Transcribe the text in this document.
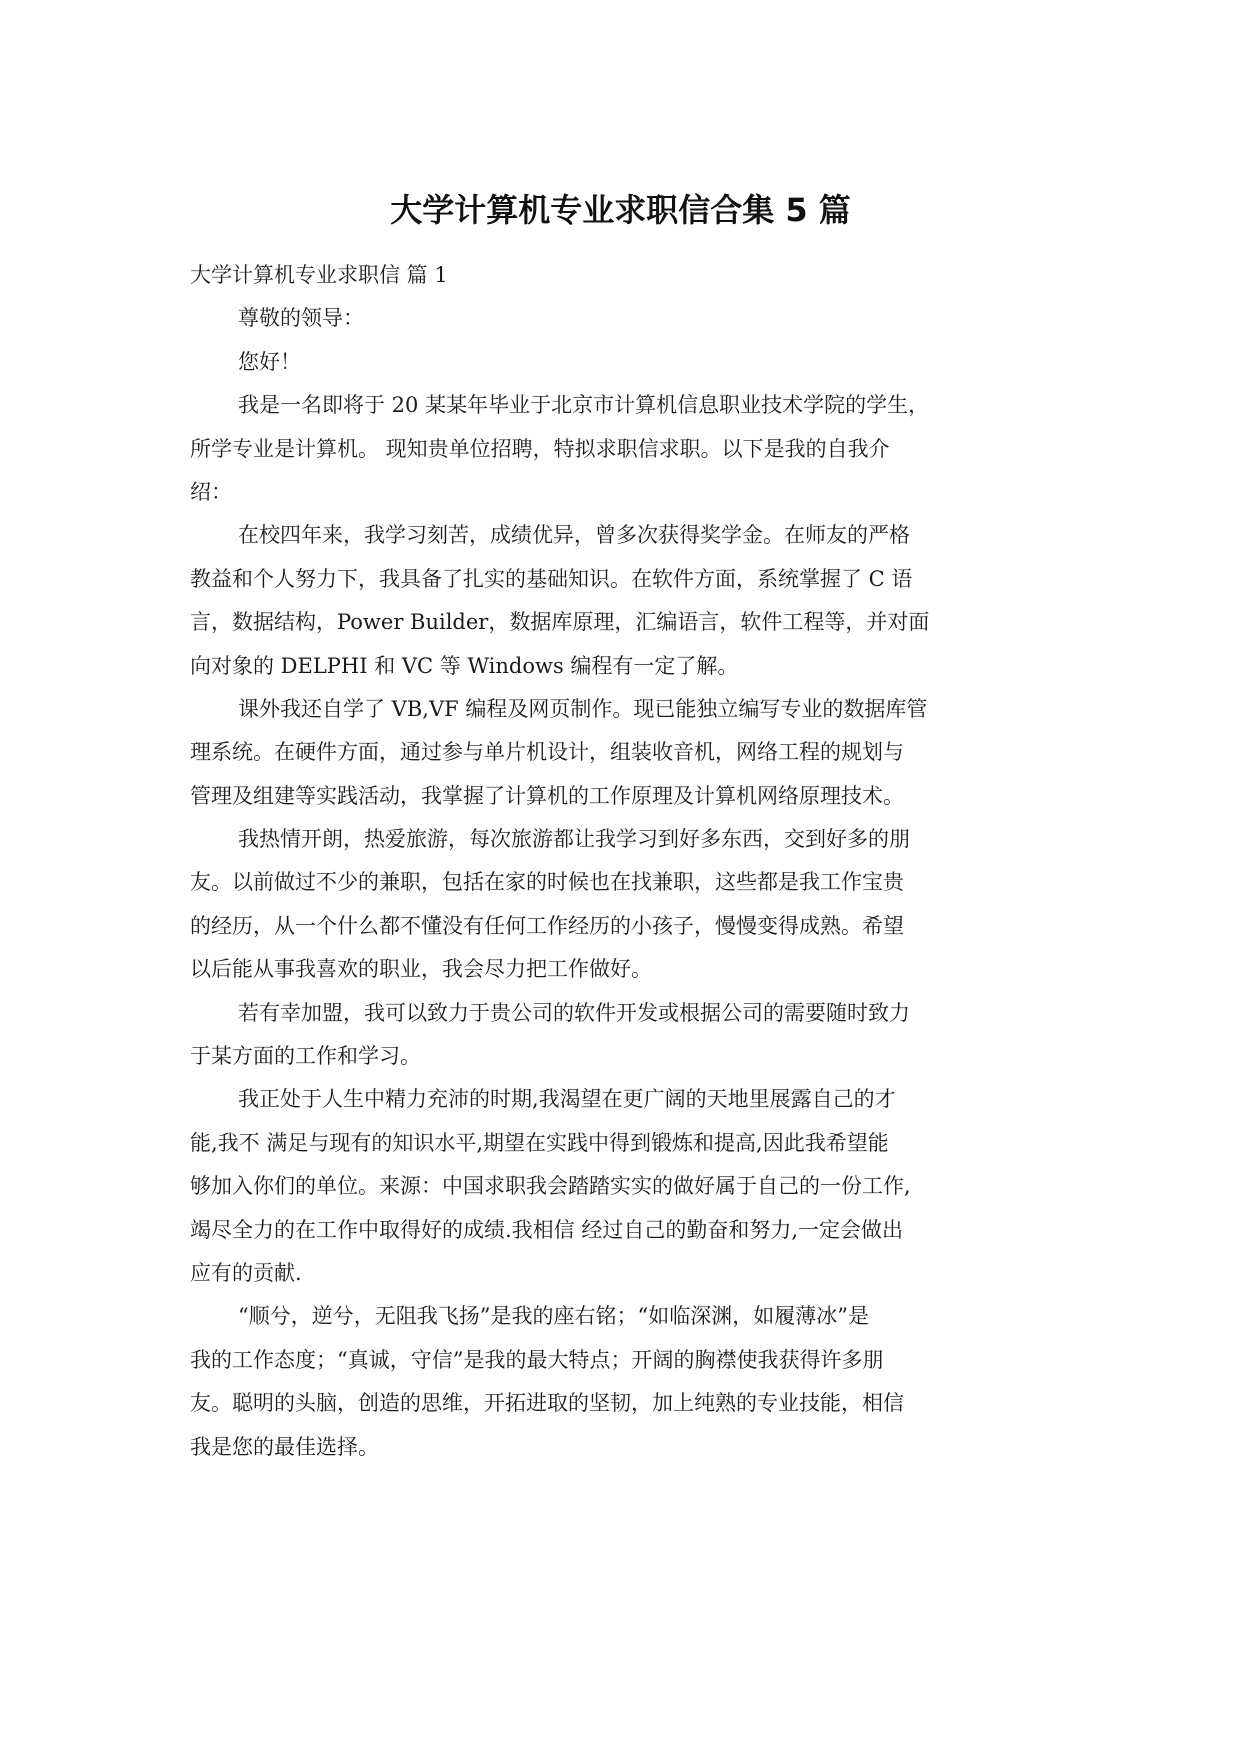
大学计算机专业求职信合集 5 篇
大学计算机专业求职信 篇 1
尊敬的领导：
您好！
我是一名即将于 20 某某年毕业于北京市计算机信息职业技术学院的学生，
所学专业是计算机。 现知贵单位招聘，特拟求职信求职。以下是我的自我介
绍：
在校四年来，我学习刻苦，成绩优异，曾多次获得奖学金。在师友的严格
教益和个人努力下，我具备了扎实的基础知识。在软件方面，系统掌握了 C 语
言，数据结构，Power Builder，数据库原理，汇编语言，软件工程等，并对面
向对象的 DELPHI 和 VC 等 Windows 编程有一定了解。
课外我还自学了 VB,VF 编程及网页制作。现已能独立编写专业的数据库管
理系统。在硬件方面，通过参与单片机设计，组装收音机，网络工程的规划与
管理及组建等实践活动，我掌握了计算机的工作原理及计算机网络原理技术。
我热情开朗，热爱旅游，每次旅游都让我学习到好多东西，交到好多的朋
友。以前做过不少的兼职，包括在家的时候也在找兼职，这些都是我工作宝贵
的经历，从一个什么都不懂没有任何工作经历的小孩子，慢慢变得成熟。希望
以后能从事我喜欢的职业，我会尽力把工作做好。
若有幸加盟，我可以致力于贵公司的软件开发或根据公司的需要随时致力
于某方面的工作和学习。
我正处于人生中精力充沛的时期,我渴望在更广阔的天地里展露自己的才
能,我不 满足与现有的知识水平,期望在实践中得到锻炼和提高,因此我希望能
够加入你们的单位。来源：中国求职我会踏踏实实的做好属于自己的一份工作,
竭尽全力的在工作中取得好的成绩.我相信 经过自己的勤奋和努力,一定会做出
应有的贡献.
“顺兮，逆兮，无阻我飞扬”是我的座右铭；“如临深渊，如履薄冰”是
我的工作态度；“真诚，守信”是我的最大特点；开阔的胸襟使我获得许多朋
友。聪明的头脑，创造的思维，开拓进取的坚韧，加上纯熟的专业技能，相信
我是您的最佳选择。
